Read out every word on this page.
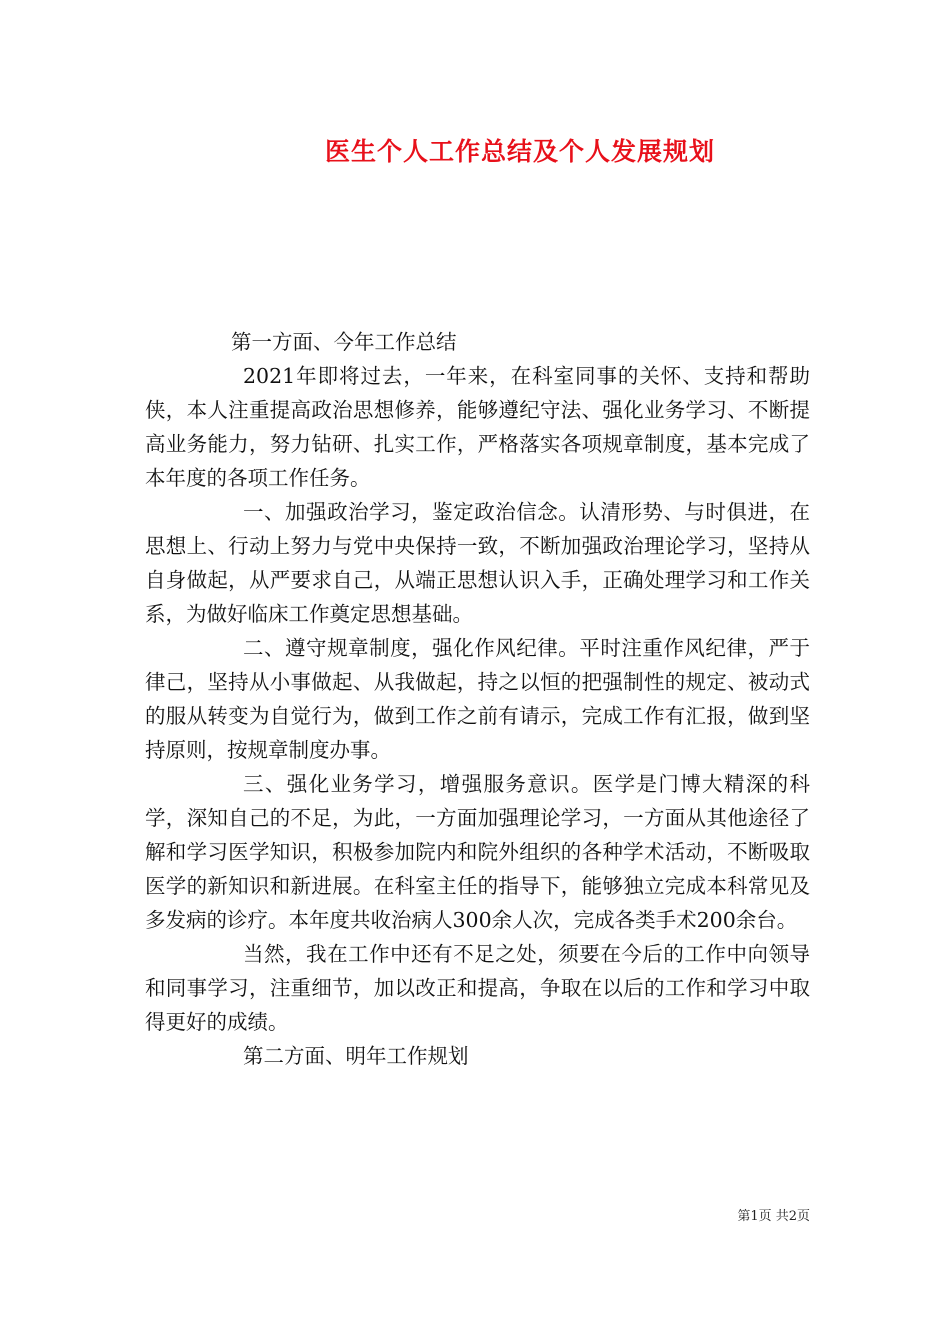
医生个人工作总结及个人发展规划

第一方面、今年工作总结

2021年即将过去，一年来，在科室同事的关怀、支持和帮助侠，本人注重提高政治思想修养，能够遵纪守法、强化业务学习、不断提高业务能力，努力钻研、扎实工作，严格落实各项规章制度，基本完成了本年度的各项工作任务。

一、加强政治学习，鉴定政治信念。认清形势、与时俱进，在思想上、行动上努力与党中央保持一致，不断加强政治理论学习，坚持从自身做起，从严要求自己，从端正思想认识入手，正确处理学习和工作关系，为做好临床工作奠定思想基础。

二、遵守规章制度，强化作风纪律。平时注重作风纪律，严于律己，坚持从小事做起、从我做起，持之以恒的把强制性的规定、被动式的服从转变为自觉行为，做到工作之前有请示，完成工作有汇报，做到坚持原则，按规章制度办事。

三、强化业务学习，增强服务意识。医学是门博大精深的科学，深知自己的不足，为此，一方面加强理论学习，一方面从其他途径了解和学习医学知识，积极参加院内和院外组织的各种学术活动，不断吸取医学的新知识和新进展。在科室主任的指导下，能够独立完成本科常见及多发病的诊疗。本年度共收治病人300余人次，完成各类手术200余台。

当然，我在工作中还有不足之处，须要在今后的工作中向领导和同事学习，注重细节，加以改正和提高，争取在以后的工作和学习中取得更好的成绩。

第二方面、明年工作规划

第1页 共2页
